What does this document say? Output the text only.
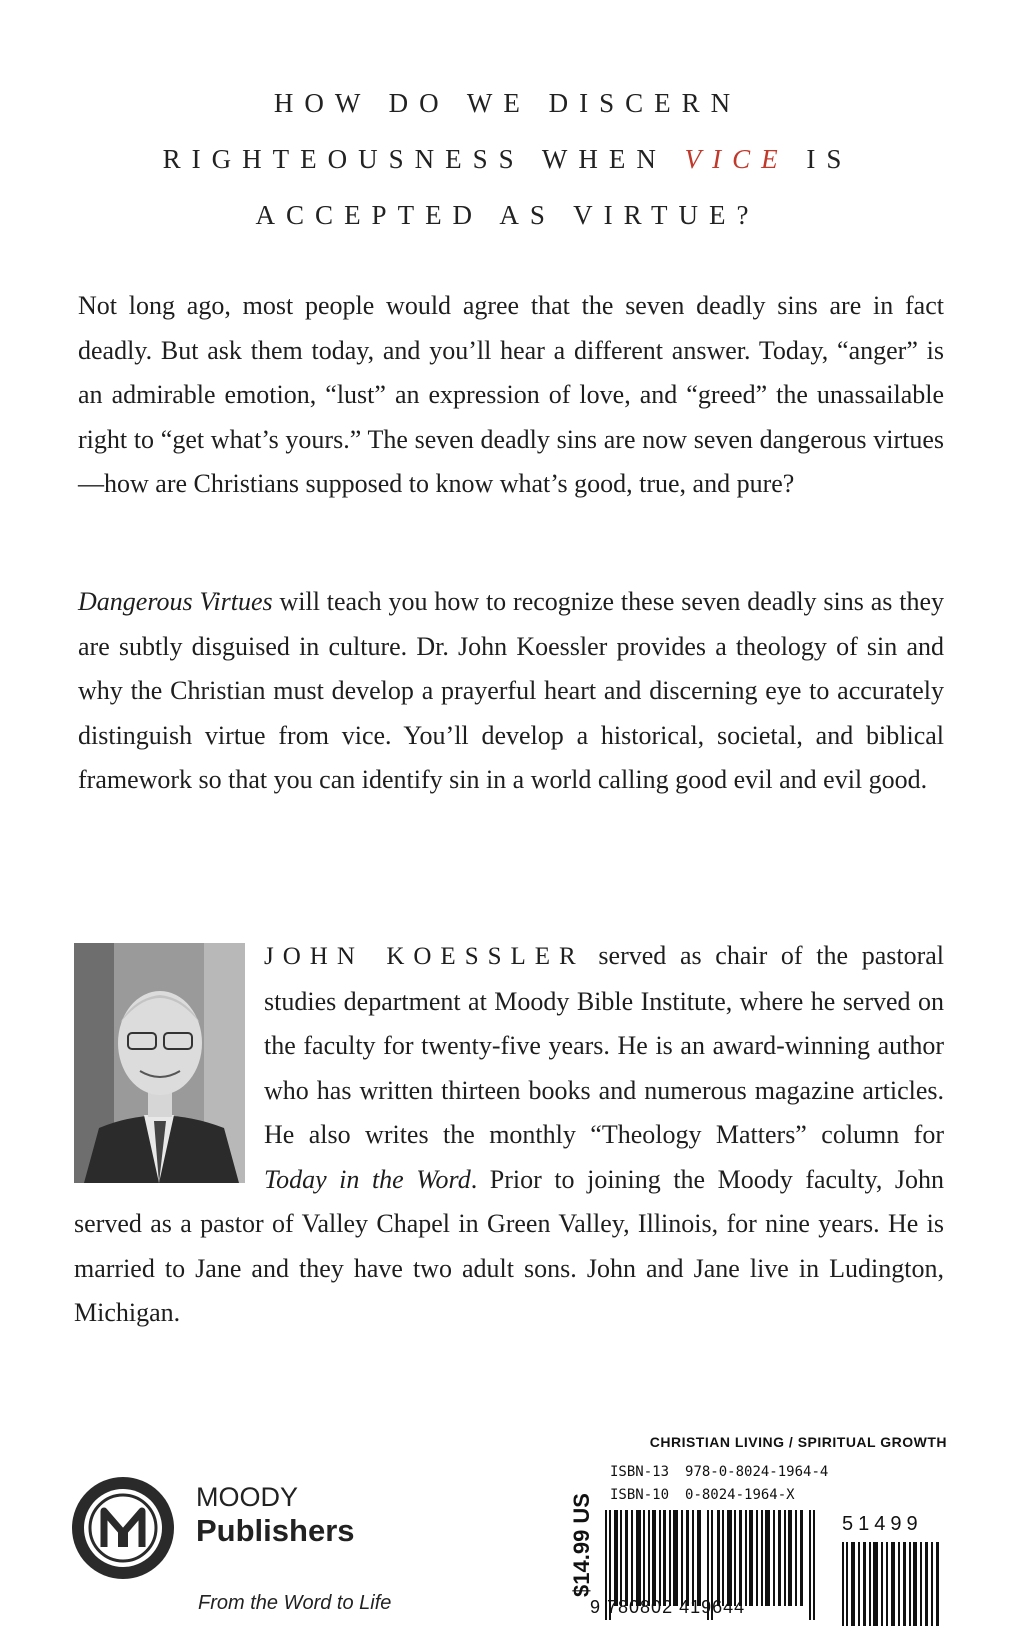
HOW DO WE DISCERN
RIGHTEOUSNESS WHEN VICE IS
ACCEPTED AS VIRTUE?
Not long ago, most people would agree that the seven deadly sins are in fact deadly. But ask them today, and you’ll hear a different answer. Today, “anger” is an admirable emotion, “lust” an expression of love, and “greed” the unassailable right to “get what’s yours.” The seven deadly sins are now seven dangerous virtues—how are Christians supposed to know what’s good, true, and pure?
Dangerous Virtues will teach you how to recognize these seven deadly sins as they are subtly disguised in culture. Dr. John Koessler provides a theology of sin and why the Christian must develop a prayerful heart and discerning eye to accurately distinguish virtue from vice. You’ll develop a historical, societal, and biblical framework so that you can identify sin in a world calling good evil and evil good.
JOHN KOESSLER served as chair of the pastoral studies department at Moody Bible Institute, where he served on the faculty for twenty-five years. He is an award-winning author who has written thirteen books and numerous magazine articles. He also writes the monthly “Theology Matters” column for Today in the Word. Prior to joining the Moody faculty, John served as a pastor of Valley Chapel in Green Valley, Illinois, for nine years. He is married to Jane and they have two adult sons. John and Jane live in Ludington, Michigan.
MOODY
Publishers
From the Word to Life
CHRISTIAN LIVING / SPIRITUAL GROWTH
$14.99 US
ISBN-13 978-0-8024-1964-4
ISBN-10 0-8024-1964-X
9 780802 419644
51499
